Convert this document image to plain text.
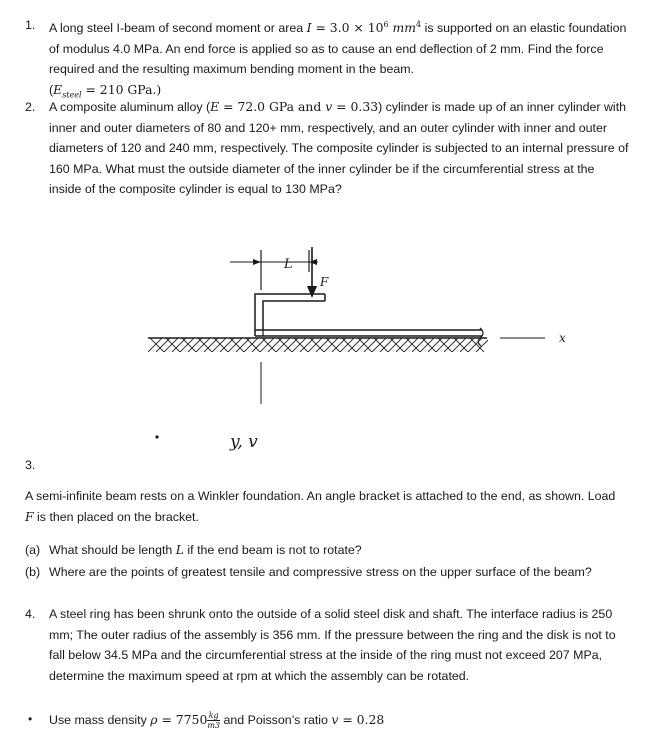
1. A long steel I-beam of second moment or area $I = 3.0 \times 10^6$ $mm^4$ is supported on an elastic foundation of modulus 4.0 MPa. An end force is applied so as to cause an end deflection of 2 mm. Find the force required and the resulting maximum bending moment in the beam.
($E_{steel} = 210$ GPa.)
2. A composite aluminum alloy (E = 72.0 GPa and v = 0.33) cylinder is made up of an inner cylinder with inner and outer diameters of 80 and 120+ mm, respectively, and an outer cylinder with inner and outer diameters of 120 and 240 mm, respectively. The composite cylinder is subjected to an internal pressure of 160 MPa. What must the outside diameter of the inner cylinder be if the circumferential stress at the inside of the composite cylinder is equal to 130 MPa?
L
F
x
y, v
3.
A semi-infinite beam rests on a Winkler foundation. An angle bracket is attached to the end, as shown. Load F is then placed on the bracket.
(a) What should be length L if the end beam is not to rotate?
(b) Where are the points of greatest tensile and compressive stress on the upper surface of the beam?
4. A steel ring has been shrunk onto the outside of a solid steel disk and shaft. The interface radius is 250 mm; The outer radius of the assembly is 356 mm. If the pressure between the ring and the disk is not to fall below 34.5 MPa and the circumferential stress at the inside of the ring must not exceed 207 MPa, determine the maximum speed at rpm at which the assembly can be rotated.
• Use mass density $\rho = 7750 \frac{kg}{m3}$ and Poisson’s ratio v = 0.28
